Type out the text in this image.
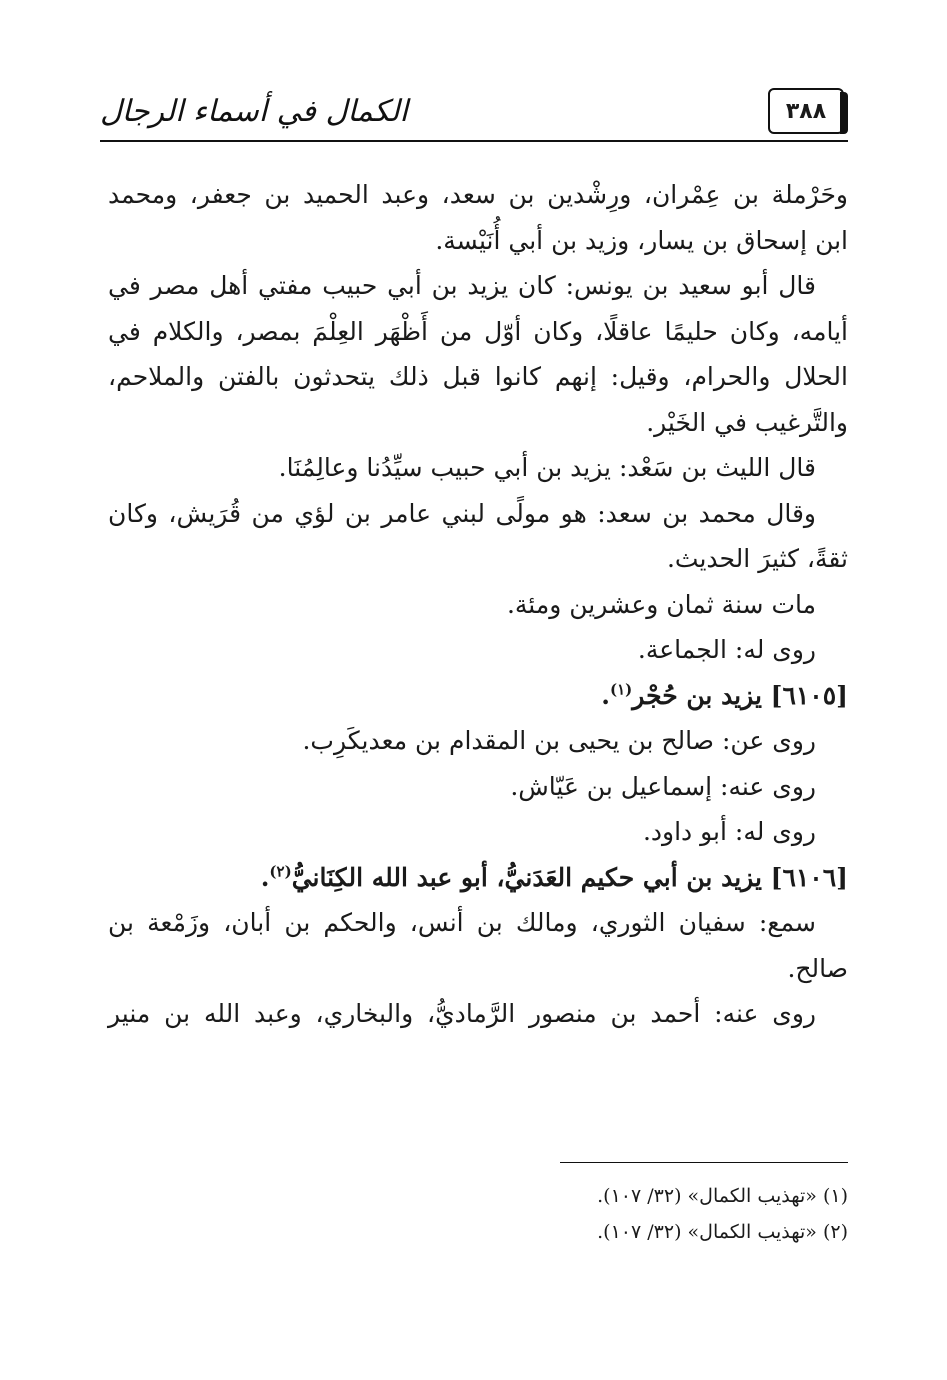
الكمال في أسماء الرجال	٣٨٨
وحَرْملة بن عِمْران، ورِشْدين بن سعد، وعبد الحميد بن جعفر، ومحمد
ابن إسحاق بن يسار، وزيد بن أبي أُنَيْسة.
قال أبو سعيد بن يونس: كان يزيد بن أبي حبيب مفتي أهل مصر في
أيامه، وكان حليمًا عاقلًا، وكان أوّل من أَظْهَر العِلْمَ بمصر، والكلام في
الحلال والحرام، وقيل: إنهم كانوا قبل ذلك يتحدثون بالفتن والملاحم،
والتَّرغيب في الخَيْر.
قال الليث بن سَعْد: يزيد بن أبي حبيب سيِّدُنا وعالِمُنَا.
وقال محمد بن سعد: هو مولًى لبني عامر بن لؤي من قُرَيش، وكان
ثقةً، كثيرَ الحديث.
مات سنة ثمان وعشرين ومئة.
روى له: الجماعة.
[٦١٠٥] يزيد بن حُجْر$^{(١)}$.
روى عن: صالح بن يحيى بن المقدام بن معديكَرِب.
روى عنه: إسماعيل بن عَيّاش.
روى له: أبو داود.
[٦١٠٦] يزيد بن أبي حكيم العَدَنيُّ، أبو عبد الله الكِنَانيُّ$^{(٢)}$.
سمع: سفيان الثوري، ومالك بن أنس، والحكم بن أبان، وزَمْعة بن
صالح.
روى عنه: أحمد بن منصور الرَّماديُّ، والبخاري، وعبد الله بن منير
(١) «تهذيب الكمال» (٣٢/ ١٠٧).
(٢) «تهذيب الكمال» (٣٢/ ١٠٧).
